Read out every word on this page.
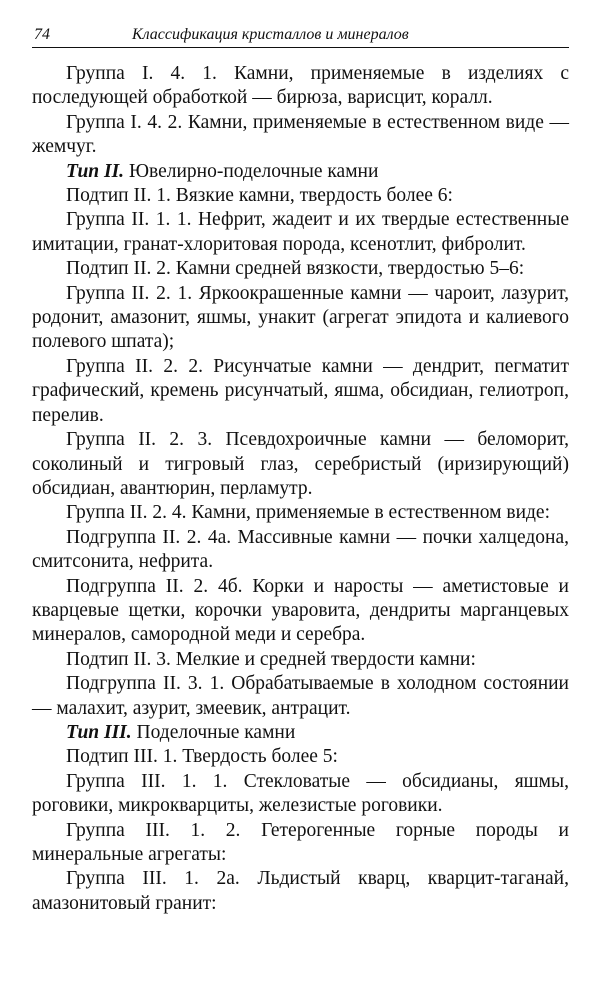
74	Классификация кристаллов и минералов

Группа I. 4. 1. Камни, применяемые в изделиях с последующей обработкой — бирюза, варисцит, коралл.

Группа I. 4. 2. Камни, применяемые в естественном виде — жемчуг.

Тип II. Ювелирно-поделочные камни

Подтип II. 1. Вязкие камни, твердость более 6:

Группа II. 1. 1. Нефрит, жадеит и их твердые естественные имитации, гранат-хлоритовая порода, ксенотлит, фибролит.

Подтип II. 2. Камни средней вязкости, твердостью 5–6:

Группа II. 2. 1. Яркоокрашенные камни — чароит, лазурит, родонит, амазонит, яшмы, унакит (агрегат эпидота и калиевого полевого шпата);

Группа II. 2. 2. Рисунчатые камни — дендрит, пегматит графический, кремень рисунчатый, яшма, обсидиан, гелиотроп, перелив.

Группа II. 2. 3. Псевдохроичные камни — беломорит, соколиный и тигровый глаз, серебристый (иризирующий) обсидиан, авантюрин, перламутр.

Группа II. 2. 4. Камни, применяемые в естественном виде:

Подгруппа II. 2. 4а. Массивные камни — почки халцедона, смитсонита, нефрита.

Подгруппа II. 2. 4б. Корки и наросты — аметистовые и кварцевые щетки, корочки уваровита, дендриты марганцевых минералов, самородной меди и серебра.

Подтип II. 3. Мелкие и средней твердости камни:

Подгруппа II. 3. 1. Обрабатываемые в холодном состоянии — малахит, азурит, змеевик, антрацит.

Тип III. Поделочные камни

Подтип III. 1. Твердость более 5:

Группа III. 1. 1. Стекловатые — обсидианы, яшмы, роговики, микрокварциты, железистые роговики.

Группа III. 1. 2. Гетерогенные горные породы и минеральные агрегаты:

Группа III. 1. 2а. Льдистый кварц, кварцит-таганай, амазонитовый гранит:
